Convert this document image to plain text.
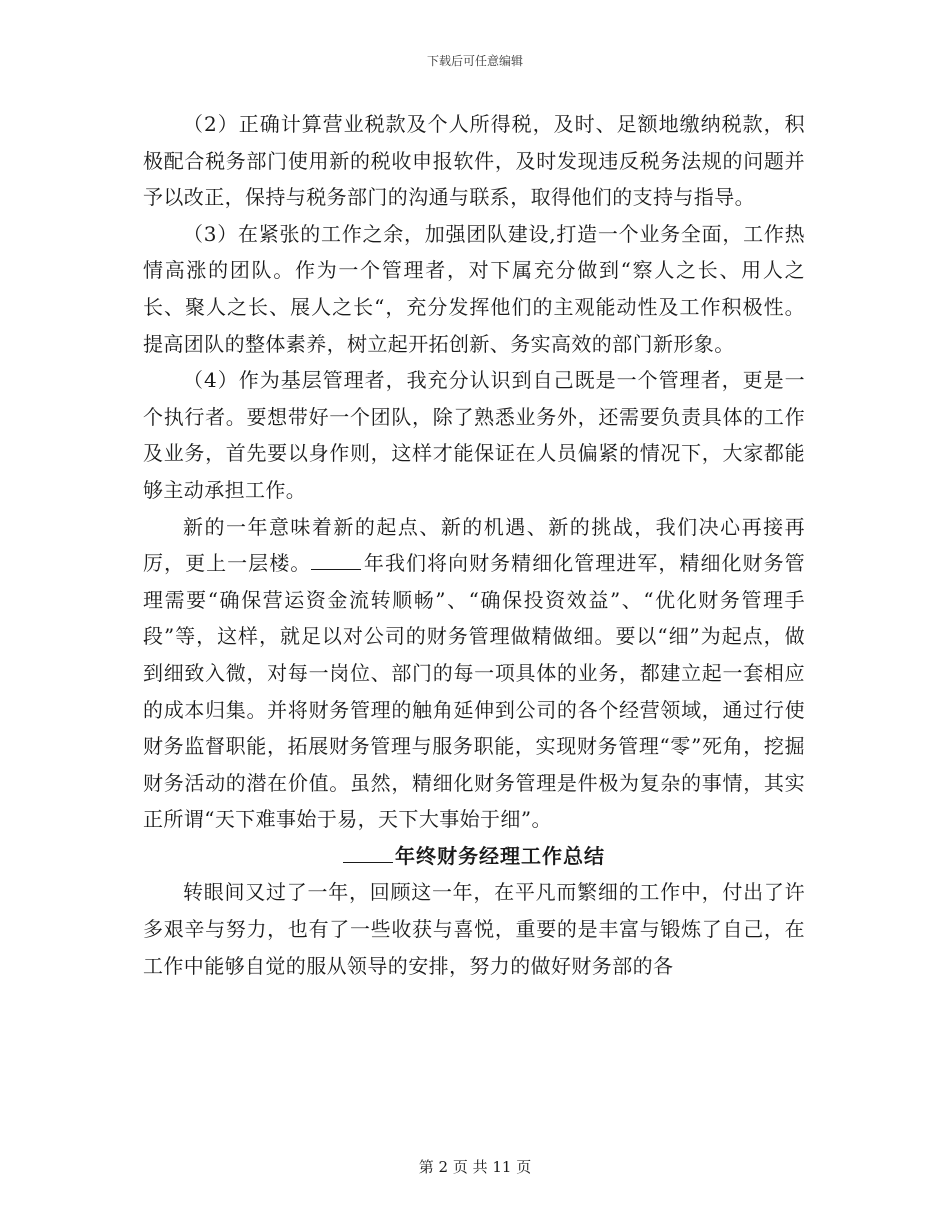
下载后可任意编辑

（2）正确计算营业税款及个人所得税，及时、足额地缴纳税款，积极配合税务部门使用新的税收申报软件，及时发现违反税务法规的问题并予以改正，保持与税务部门的沟通与联系，取得他们的支持与指导。

（3）在紧张的工作之余，加强团队建设,打造一个业务全面，工作热情高涨的团队。作为一个管理者，对下属充分做到“察人之长、用人之长、聚人之长、展人之长“，充分发挥他们的主观能动性及工作积极性。提高团队的整体素养，树立起开拓创新、务实高效的部门新形象。

（4）作为基层管理者，我充分认识到自己既是一个管理者，更是一个执行者。要想带好一个团队，除了熟悉业务外，还需要负责具体的工作及业务，首先要以身作则，这样才能保证在人员偏紧的情况下，大家都能够主动承担工作。

新的一年意味着新的起点、新的机遇、新的挑战，我们决心再接再厉，更上一层楼。	年我们将向财务精细化管理进军，精细化财务管理需要“确保营运资金流转顺畅”、“确保投资效益”、“优化财务管理手段”等，这样，就足以对公司的财务管理做精做细。要以“细”为起点，做到细致入微，对每一岗位、部门的每一项具体的业务，都建立起一套相应的成本归集。并将财务管理的触角延伸到公司的各个经营领域，通过行使财务监督职能，拓展财务管理与服务职能，实现财务管理“零”死角，挖掘财务活动的潜在价值。虽然，精细化财务管理是件极为复杂的事情，其实正所谓“天下难事始于易，天下大事始于细”。

年终财务经理工作总结

转眼间又过了一年，回顾这一年，在平凡而繁细的工作中，付出了许多艰辛与努力，也有了一些收获与喜悦，重要的是丰富与锻炼了自己，在工作中能够自觉的服从领导的安排，努力的做好财务部的各

第 2 页 共 11 页
